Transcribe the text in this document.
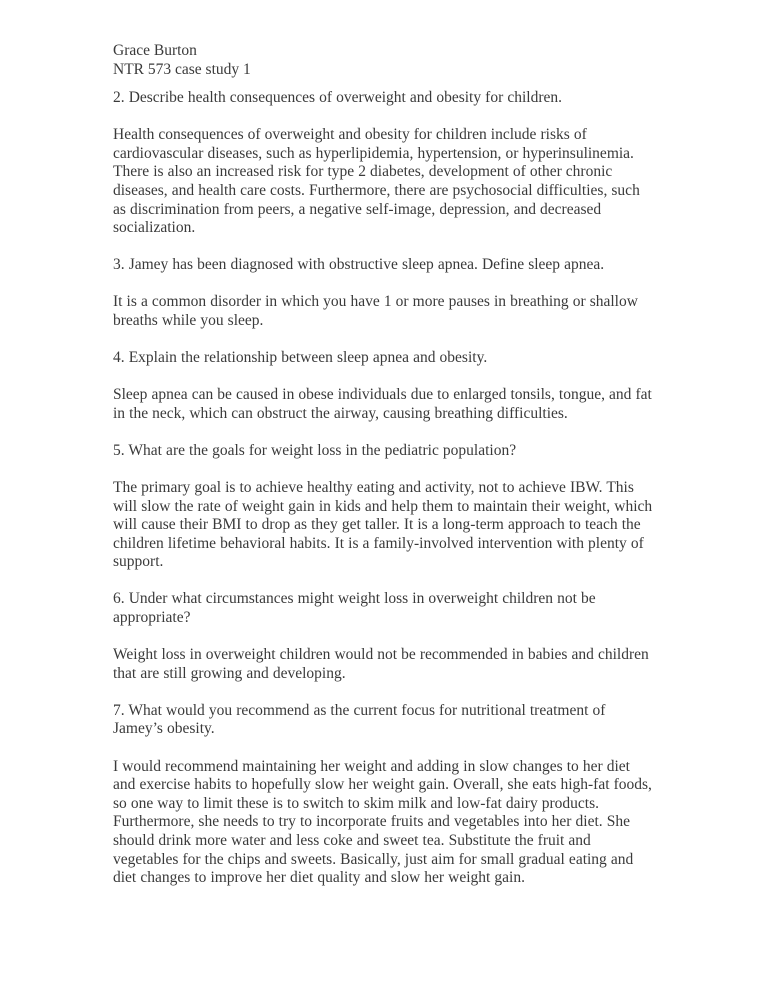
Grace Burton

NTR 573 case study 1

2. Describe health consequences of overweight and obesity for children.

Health consequences of overweight and obesity for children include risks of cardiovascular diseases, such as hyperlipidemia, hypertension, or hyperinsulinemia. There is also an increased risk for type 2 diabetes, development of other chronic diseases, and health care costs. Furthermore, there are psychosocial difficulties, such as discrimination from peers, a negative self-image, depression, and decreased socialization.

3. Jamey has been diagnosed with obstructive sleep apnea. Define sleep apnea.

It is a common disorder in which you have 1 or more pauses in breathing or shallow breaths while you sleep.

4. Explain the relationship between sleep apnea and obesity.

Sleep apnea can be caused in obese individuals due to enlarged tonsils, tongue, and fat in the neck, which can obstruct the airway, causing breathing difficulties.

5. What are the goals for weight loss in the pediatric population?

The primary goal is to achieve healthy eating and activity, not to achieve IBW. This will slow the rate of weight gain in kids and help them to maintain their weight, which will cause their BMI to drop as they get taller. It is a long-term approach to teach the children lifetime behavioral habits. It is a family-involved intervention with plenty of support.

6. Under what circumstances might weight loss in overweight children not be appropriate?

Weight loss in overweight children would not be recommended in babies and children that are still growing and developing.

7. What would you recommend as the current focus for nutritional treatment of Jamey’s obesity.

I would recommend maintaining her weight and adding in slow changes to her diet and exercise habits to hopefully slow her weight gain. Overall, she eats high-fat foods, so one way to limit these is to switch to skim milk and low-fat dairy products. Furthermore, she needs to try to incorporate fruits and vegetables into her diet. She should drink more water and less coke and sweet tea. Substitute the fruit and vegetables for the chips and sweets. Basically, just aim for small gradual eating and diet changes to improve her diet quality and slow her weight gain.
